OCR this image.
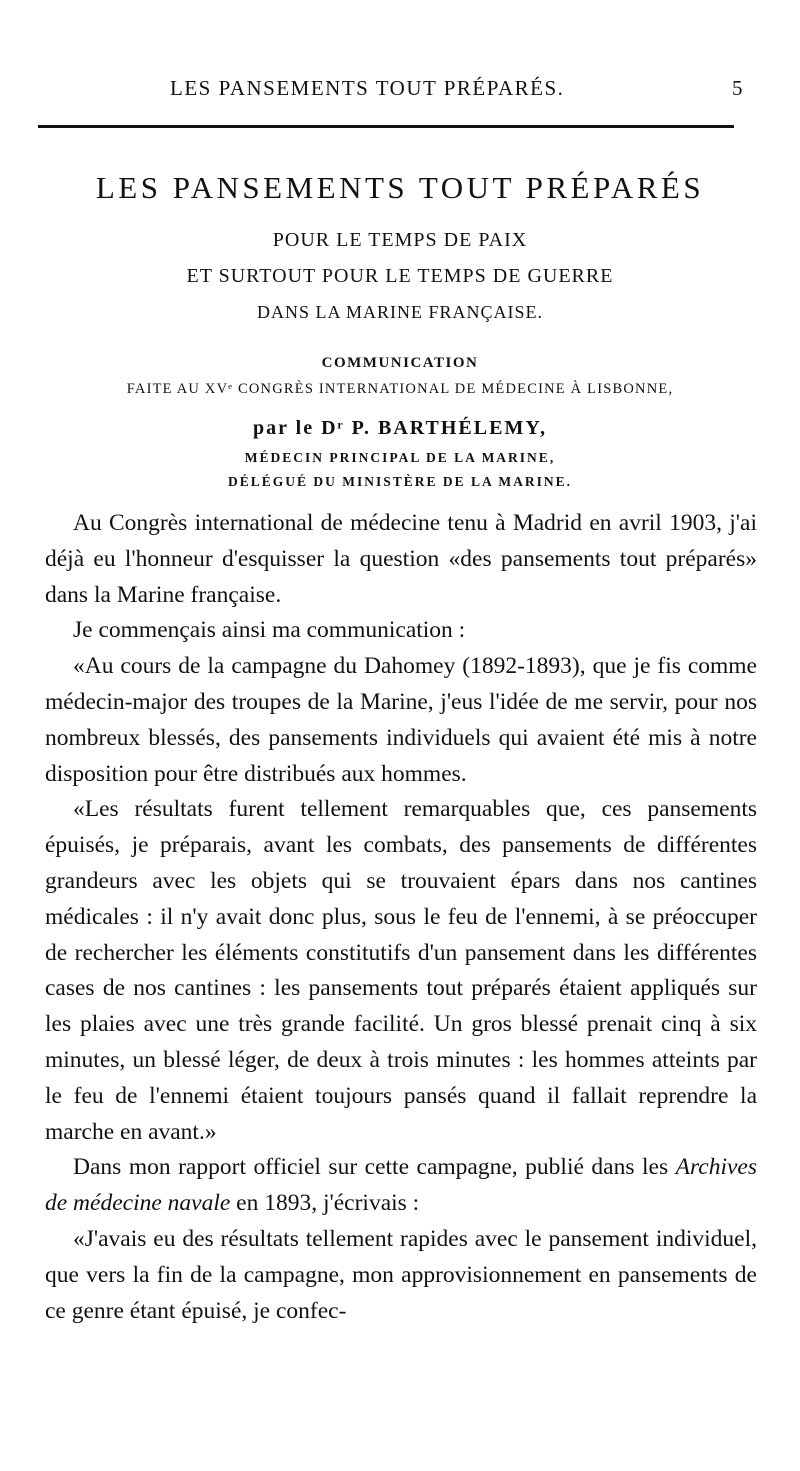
LES PANSEMENTS TOUT PRÉPARÉS.	5
LES PANSEMENTS TOUT PRÉPARÉS
POUR LE TEMPS DE PAIX
ET SURTOUT POUR LE TEMPS DE GUERRE
DANS LA MARINE FRANÇAISE.
COMMUNICATION
FAITE AU XVᵉ CONGRÈS INTERNATIONAL DE MÉDECINE À LISBONNE,
par le Dʳ P. BARTHÉLEMY,
MÉDECIN PRINCIPAL DE LA MARINE,
DÉLÉGUÉ DU MINISTÈRE DE LA MARINE.

Au Congrès international de médecine tenu à Madrid en avril 1903, j'ai déjà eu l'honneur d'esquisser la question «des pansements tout préparés» dans la Marine française.

Je commençais ainsi ma communication :

«Au cours de la campagne du Dahomey (1892-1893), que je fis comme médecin-major des troupes de la Marine, j'eus l'idée de me servir, pour nos nombreux blessés, des pansements individuels qui avaient été mis à notre disposition pour être distribués aux hommes.

«Les résultats furent tellement remarquables que, ces pansements épuisés, je préparais, avant les combats, des pansements de différentes grandeurs avec les objets qui se trouvaient épars dans nos cantines médicales : il n'y avait donc plus, sous le feu de l'ennemi, à se préoccuper de rechercher les éléments constitutifs d'un pansement dans les différentes cases de nos cantines : les pansements tout préparés étaient appliqués sur les plaies avec une très grande facilité. Un gros blessé prenait cinq à six minutes, un blessé léger, de deux à trois minutes : les hommes atteints par le feu de l'ennemi étaient toujours pansés quand il fallait reprendre la marche en avant.»

Dans mon rapport officiel sur cette campagne, publié dans les Archives de médecine navale en 1893, j'écrivais :

«J'avais eu des résultats tellement rapides avec le pansement individuel, que vers la fin de la campagne, mon approvisionnement en pansements de ce genre étant épuisé, je confec-
